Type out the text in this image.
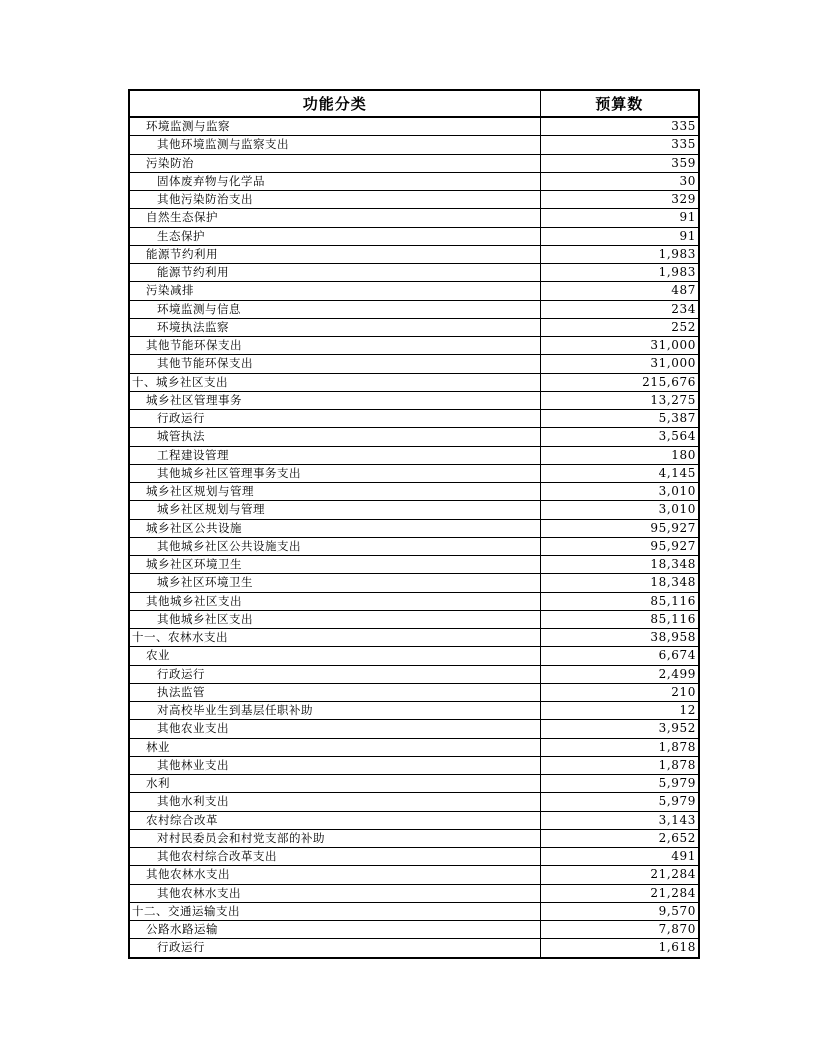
功能分类	预算数
环境监测与监察	335
其他环境监测与监察支出	335
污染防治	359
固体废弃物与化学品	30
其他污染防治支出	329
自然生态保护	91
生态保护	91
能源节约利用	1,983
能源节约利用	1,983
污染减排	487
环境监测与信息	234
环境执法监察	252
其他节能环保支出	31,000
其他节能环保支出	31,000
十、城乡社区支出	215,676
城乡社区管理事务	13,275
行政运行	5,387
城管执法	3,564
工程建设管理	180
其他城乡社区管理事务支出	4,145
城乡社区规划与管理	3,010
城乡社区规划与管理	3,010
城乡社区公共设施	95,927
其他城乡社区公共设施支出	95,927
城乡社区环境卫生	18,348
城乡社区环境卫生	18,348
其他城乡社区支出	85,116
其他城乡社区支出	85,116
十一、农林水支出	38,958
农业	6,674
行政运行	2,499
执法监管	210
对高校毕业生到基层任职补助	12
其他农业支出	3,952
林业	1,878
其他林业支出	1,878
水利	5,979
其他水利支出	5,979
农村综合改革	3,143
对村民委员会和村党支部的补助	2,652
其他农村综合改革支出	491
其他农林水支出	21,284
其他农林水支出	21,284
十二、交通运输支出	9,570
公路水路运输	7,870
行政运行	1,618
